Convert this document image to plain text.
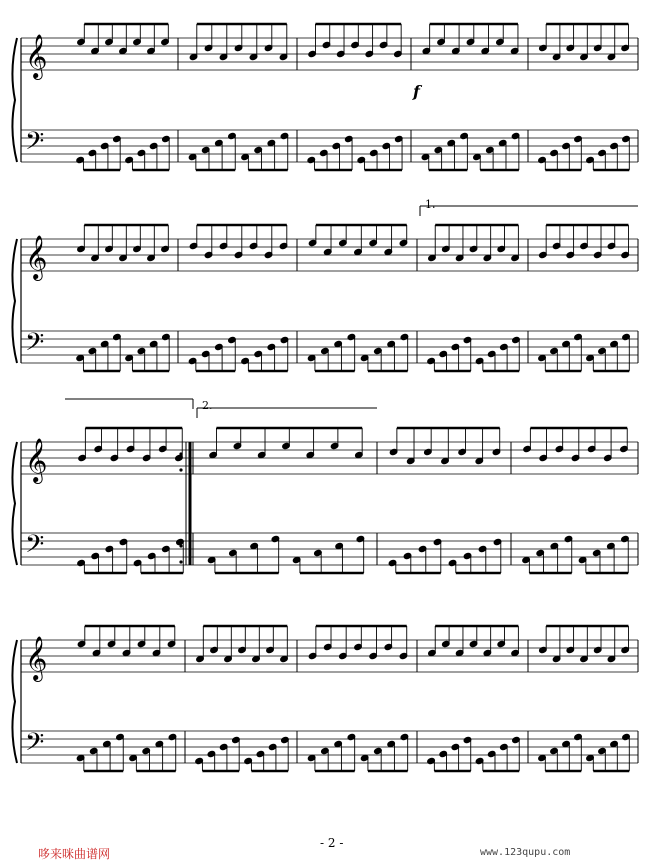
𝄞
𝄢
𝄞
𝄢
𝄞
𝄢
𝄞
𝄢
f
1.
2.
- 2 -
哆来咪曲谱网	www.123qupu.com
